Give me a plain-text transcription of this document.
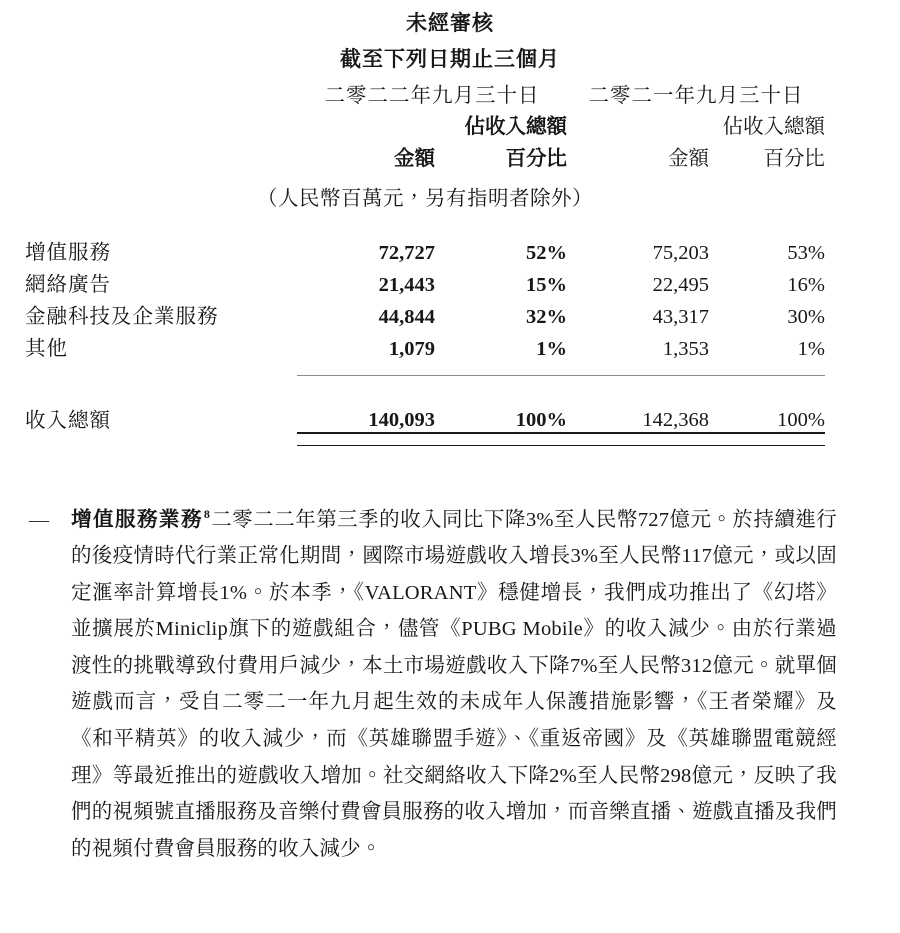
未經審核
截至下列日期止三個月
	二零二二年九月三十日		二零二一年九月三十日	
		佔收入總額		佔收入總額
	金額	百分比	金額	百分比
（人民幣百萬元，另有指明者除外）				

增值服務	72,727	52%	75,203	53%
網絡廣告	21,443	15%	22,495	16%
金融科技及企業服務	44,844	32%	43,317	30%
其他	1,079	1%	1,353	1%

收入總額	140,093	100%	142,368	100%

—	增值服務業務$^8$二零二二年第三季的收入同比下降3%至人民幣727億元。於持續進行的後疫情時代行業正常化期間，國際市場遊戲收入增長3%至人民幣117億元，或以固定滙率計算增長1%。於本季，《VALORANT》穩健增長，我們成功推出了《幻塔》並擴展於Miniclip旗下的遊戲組合，儘管《PUBG Mobile》的收入減少。由於行業過渡性的挑戰導致付費用戶減少，本土市場遊戲收入下降7%至人民幣312億元。就單個遊戲而言，受自二零二一年九月起生效的未成年人保護措施影響，《王者榮耀》及《和平精英》的收入減少，而《英雄聯盟手遊》、《重返帝國》及《英雄聯盟電競經理》等最近推出的遊戲收入增加。社交網絡收入下降2%至人民幣298億元，反映了我們的視頻號直播服務及音樂付費會員服務的收入增加，而音樂直播、遊戲直播及我們的視頻付費會員服務的收入減少。
